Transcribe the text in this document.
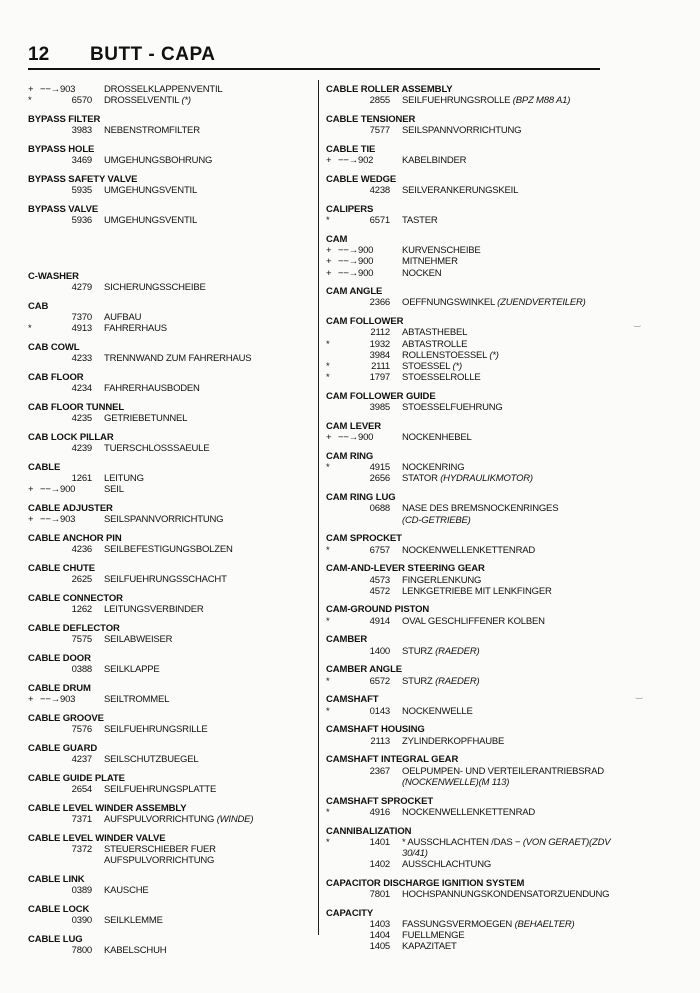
12 BUTT - CAPA
+ −−→903	DROSSELKLAPPENVENTIL
*	6570 DROSSELVENTIL (*)
BYPASS FILTER
3983 NEBENSTROMFILTER
BYPASS HOLE
3469 UMGEHUNGSBOHRUNG
BYPASS SAFETY VALVE
5935 UMGEHUNGSVENTIL
BYPASS VALVE
5936 UMGEHUNGSVENTIL
C-WASHER
4279 SICHERUNGSSCHEIBE
CAB
7370 AUFBAU
*	4913 FAHRERHAUS
CAB COWL
4233 TRENNWAND ZUM FAHRERHAUS
CAB FLOOR
4234 FAHRERHAUSBODEN
CAB FLOOR TUNNEL
4235 GETRIEBETUNNEL
CAB LOCK PILLAR
4239 TUERSCHLOSSSAEULE
CABLE
1261 LEITUNG
+ −−→900	SEIL
CABLE ADJUSTER
+ −−→903	SEILSPANNVORRICHTUNG
CABLE ANCHOR PIN
4236 SEILBEFESTIGUNGSBOLZEN
CABLE CHUTE
2625 SEILFUEHRUNGSSCHACHT
CABLE CONNECTOR
1262 LEITUNGSVERBINDER
CABLE DEFLECTOR
7575 SEILABWEISER
CABLE DOOR
0388 SEILKLAPPE
CABLE DRUM
+ −−→903	SEILTROMMEL
CABLE GROOVE
7576 SEILFUEHRUNGSRILLE
CABLE GUARD
4237 SEILSCHUTZBUEGEL
CABLE GUIDE PLATE
2654 SEILFUEHRUNGSPLATTE
CABLE LEVEL WINDER ASSEMBLY
7371 AUFSPULVORRICHTUNG (WINDE)
CABLE LEVEL WINDER VALVE
7372 STEUERSCHIEBER FUER
AUFSPULVORRICHTUNG
CABLE LINK
0389 KAUSCHE
CABLE LOCK
0390 SEILKLEMME
CABLE LUG
7800 KABELSCHUH
CABLE ROLLER ASSEMBLY
2855 SEILFUEHRUNGSROLLE (BPZ M88 A1)
CABLE TENSIONER
7577 SEILSPANNVORRICHTUNG
CABLE TIE
+ −−→902	KABELBINDER
CABLE WEDGE
4238 SEILVERANKERUNGSKEIL
CALIPERS
*	6571 TASTER
CAM
+ −−→900	KURVENSCHEIBE
+ −−→900	MITNEHMER
+ −−→900	NOCKEN
CAM ANGLE
2366 OEFFNUNGSWINKEL (ZUENDVERTEILER)
CAM FOLLOWER
2112 ABTASTHEBEL
*	1932 ABTASTROLLE
3984 ROLLENSTOESSEL (*)
*	2111 STOESSEL (*)
*	1797 STOESSELROLLE
CAM FOLLOWER GUIDE
3985 STOESSELFUEHRUNG
CAM LEVER
+ −−→900	NOCKENHEBEL
CAM RING
*	4915 NOCKENRING
2656 STATOR (HYDRAULIKMOTOR)
CAM RING LUG
0688 NASE DES BREMSNOCKENRINGES
(CD-GETRIEBE)
CAM SPROCKET
*	6757 NOCKENWELLENKETTENRAD
CAM-AND-LEVER STEERING GEAR
4573 FINGERLENKUNG
4572 LENKGETRIEBE MIT LENKFINGER
CAM-GROUND PISTON
*	4914 OVAL GESCHLIFFENER KOLBEN
CAMBER
1400 STURZ (RAEDER)
CAMBER ANGLE
*	6572 STURZ (RAEDER)
CAMSHAFT
*	0143 NOCKENWELLE
CAMSHAFT HOUSING
2113 ZYLINDERKOPFHAUBE
CAMSHAFT INTEGRAL GEAR
2367 OELPUMPEN- UND VERTEILERANTRIEBSRAD
(NOCKENWELLE)(M 113)
CAMSHAFT SPROCKET
*	4916 NOCKENWELLENKETTENRAD
CANNIBALIZATION
*	1401 * AUSSCHLACHTEN /DAS − (VON GERAET)(ZDV
30/41)
1402 AUSSCHLACHTUNG
CAPACITOR DISCHARGE IGNITION SYSTEM
7801 HOCHSPANNUNGSKONDENSATORZUENDUNG
CAPACITY
1403 FASSUNGSVERMOEGEN (BEHAELTER)
1404 FUELLMENGE
1405 KAPAZITAET
‿
‿
